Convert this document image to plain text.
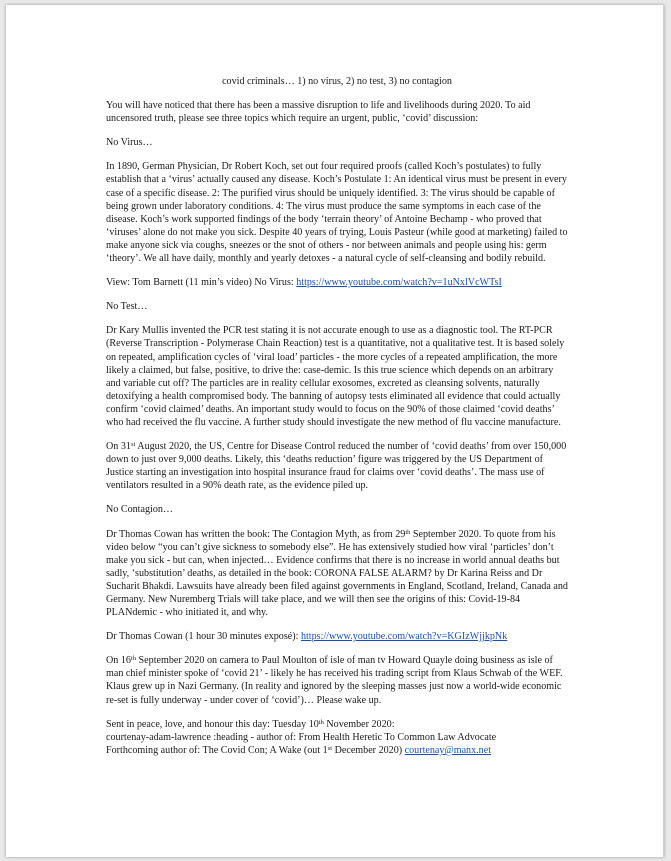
covid criminals… 1) no virus, 2) no test, 3) no contagion

You will have noticed that there has been a massive disruption to life and livelihoods during 2020. To aid uncensored truth, please see three topics which require an urgent, public, ‘covid’ discussion:

No Virus…

In 1890, German Physician, Dr Robert Koch, set out four required proofs (called Koch’s postulates) to fully establish that a ‘virus’ actually caused any disease. Koch’s Postulate 1: An identical virus must be present in every case of a specific disease. 2: The purified virus should be uniquely identified. 3: The virus should be capable of being grown under laboratory conditions. 4: The virus must produce the same symptoms in each case of the disease. Koch’s work supported findings of the body ‘terrain theory’ of Antoine Bechamp - who proved that ‘viruses’ alone do not make you sick. Despite 40 years of trying, Louis Pasteur (while good at marketing) failed to make anyone sick via coughs, sneezes or the snot of others - nor between animals and people using his: germ ‘theory’. We all have daily, monthly and yearly detoxes - a natural cycle of self-cleansing and bodily rebuild.

View: Tom Barnett (11 min’s video) No Virus: https://www.youtube.com/watch?v=1uNxlVcWTsI

No Test…

Dr Kary Mullis invented the PCR test stating it is not accurate enough to use as a diagnostic tool. The RT-PCR (Reverse Transcription - Polymerase Chain Reaction) test is a quantitative, not a qualitative test. It is based solely on repeated, amplification cycles of ‘viral load’ particles - the more cycles of a repeated amplification, the more likely a claimed, but false, positive, to drive the: case-demic. Is this true science which depends on an arbitrary and variable cut off? The particles are in reality cellular exosomes, excreted as cleansing solvents, naturally detoxifying a health compromised body. The banning of autopsy tests eliminated all evidence that could actually confirm ‘covid claimed’ deaths. An important study would to focus on the 90% of those claimed ‘covid deaths’ who had received the flu vaccine. A further study should investigate the new method of flu vaccine manufacture.

On 31st August 2020, the US, Centre for Disease Control reduced the number of ‘covid deaths’ from over 150,000 down to just over 9,000 deaths. Likely, this ‘deaths reduction’ figure was triggered by the US Department of Justice starting an investigation into hospital insurance fraud for claims over ‘covid deaths’. The mass use of ventilators resulted in a 90% death rate, as the evidence piled up.

No Contagion…

Dr Thomas Cowan has written the book: The Contagion Myth, as from 29th September 2020. To quote from his video below “you can’t give sickness to somebody else”. He has extensively studied how viral ‘particles’ don’t make you sick - but can, when injected… Evidence confirms that there is no increase in world annual deaths but sadly, ‘substitution’ deaths, as detailed in the book: CORONA FALSE ALARM? by Dr Karina Reiss and Dr Sucharit Bhakdi. Lawsuits have already been filed against governments in England, Scotland, Ireland, Canada and Germany. New Nuremberg Trials will take place, and we will then see the origins of this: Covid-19-84 PLANdemic - who initiated it, and why.

Dr Thomas Cowan (1 hour 30 minutes exposé): https://www.youtube.com/watch?v=KGIzWjjkpNk

On 16th September 2020 on camera to Paul Moulton of isle of man tv Howard Quayle doing business as isle of man chief minister spoke of ‘covid 21’ - likely he has received his trading script from Klaus Schwab of the WEF. Klaus grew up in Nazi Germany. (In reality and ignored by the sleeping masses just now a world-wide economic re-set is fully underway - under cover of ‘covid’)… Please wake up.

Sent in peace, love, and honour this day: Tuesday 10th November 2020:

courtenay-adam-lawrence :heading - author of: From Health Heretic To Common Law Advocate

Forthcoming author of: The Covid Con; A Wake (out 1st December 2020) courtenay@manx.net
